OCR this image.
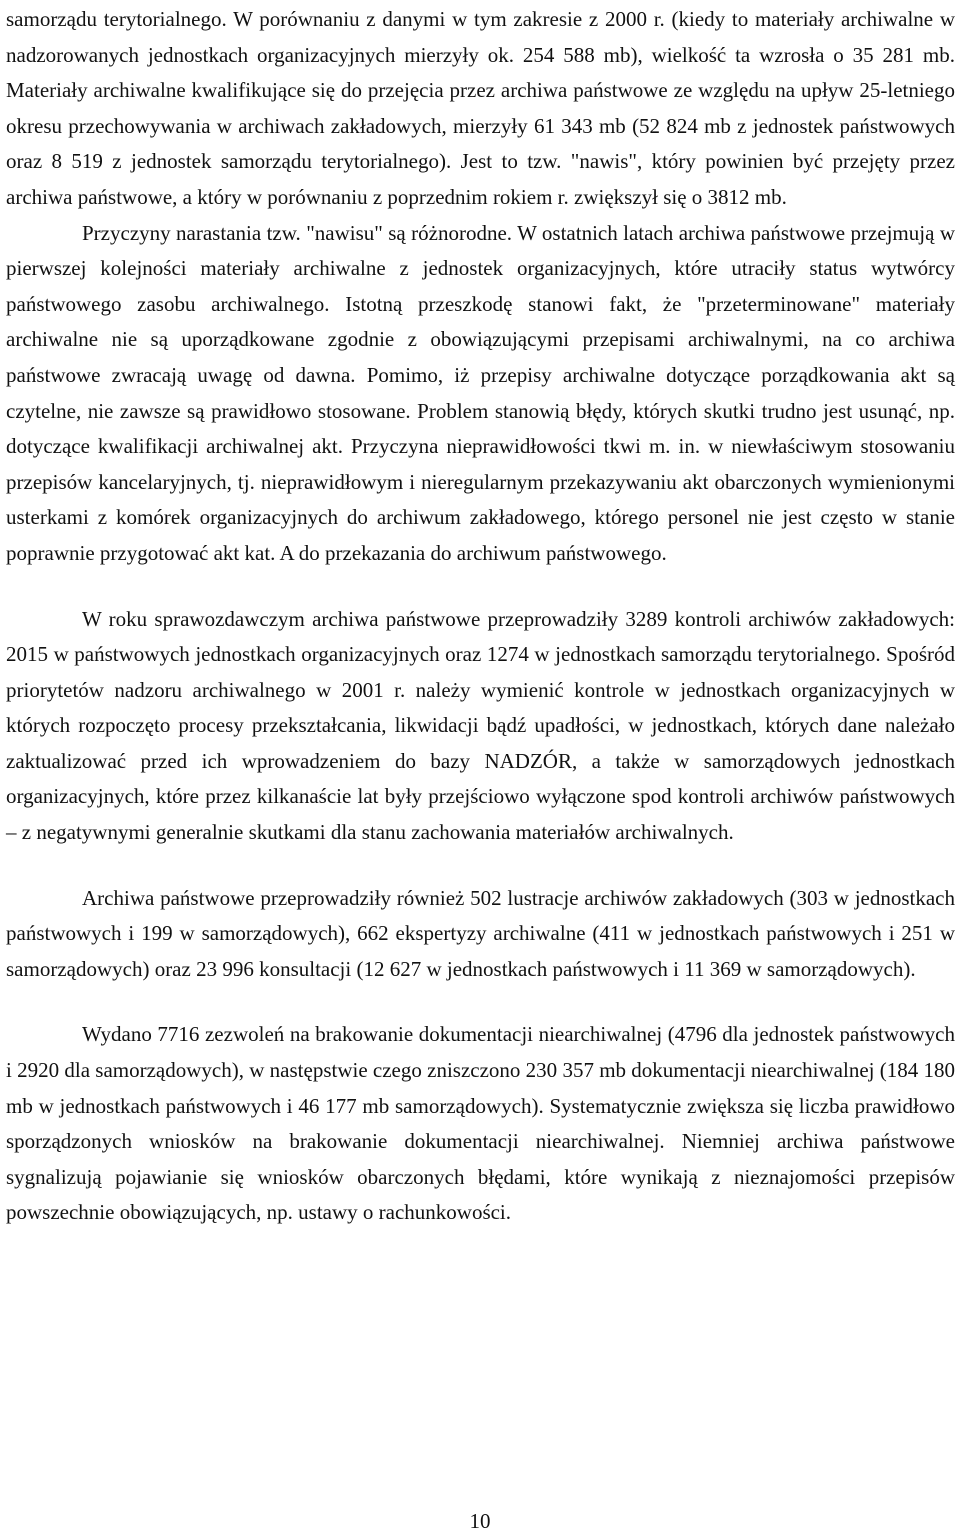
samorządu terytorialnego. W porównaniu z danymi w tym zakresie z 2000 r. (kiedy to materiały archiwalne w nadzorowanych jednostkach organizacyjnych mierzyły ok. 254 588 mb), wielkość ta wzrosła o 35 281 mb. Materiały archiwalne kwalifikujące się do przejęcia przez archiwa państwowe ze względu na upływ 25-letniego okresu przechowywania w archiwach zakładowych, mierzyły 61 343 mb (52 824 mb z jednostek państwowych oraz 8 519 z jednostek samorządu terytorialnego). Jest to tzw. "nawis", który powinien być przejęty przez archiwa państwowe, a który w porównaniu z poprzednim rokiem r. zwiększył się o 3812 mb.

Przyczyny narastania tzw. "nawisu" są różnorodne. W ostatnich latach archiwa państwowe przejmują w pierwszej kolejności materiały archiwalne z jednostek organizacyjnych, które utraciły status wytwórcy państwowego zasobu archiwalnego. Istotną przeszkodę stanowi fakt, że "przeterminowane" materiały archiwalne nie są uporządkowane zgodnie z obowiązującymi przepisami archiwalnymi, na co archiwa państwowe zwracają uwagę od dawna. Pomimo, iż przepisy archiwalne dotyczące porządkowania akt są czytelne, nie zawsze są prawidłowo stosowane. Problem stanowią błędy, których skutki trudno jest usunąć, np. dotyczące kwalifikacji archiwalnej akt. Przyczyna nieprawidłowości tkwi m. in. w niewłaściwym stosowaniu przepisów kancelaryjnych, tj. nieprawidłowym i nieregularnym przekazywaniu akt obarczonych wymienionymi usterkami z komórek organizacyjnych do archiwum zakładowego, którego personel nie jest często w stanie poprawnie przygotować akt kat. A do przekazania do archiwum państwowego.

W roku sprawozdawczym archiwa państwowe przeprowadziły 3289 kontroli archiwów zakładowych: 2015 w państwowych jednostkach organizacyjnych oraz 1274 w jednostkach samorządu terytorialnego. Spośród priorytetów nadzoru archiwalnego w 2001 r. należy wymienić kontrole w jednostkach organizacyjnych w których rozpoczęto procesy przekształcania, likwidacji bądź upadłości, w jednostkach, których dane należało zaktualizować przed ich wprowadzeniem do bazy NADZÓR, a także w samorządowych jednostkach organizacyjnych, które przez kilkanaście lat były przejściowo wyłączone spod kontroli archiwów państwowych – z negatywnymi generalnie skutkami dla stanu zachowania materiałów archiwalnych.

Archiwa państwowe przeprowadziły również 502 lustracje archiwów zakładowych (303 w jednostkach państwowych i 199 w samorządowych), 662 ekspertyzy archiwalne (411 w jednostkach państwowych i 251 w samorządowych) oraz 23 996 konsultacji (12 627 w jednostkach państwowych i 11 369 w samorządowych).

Wydano 7716 zezwoleń na brakowanie dokumentacji niearchiwalnej (4796 dla jednostek państwowych i 2920 dla samorządowych), w następstwie czego zniszczono 230 357 mb dokumentacji niearchiwalnej (184 180 mb w jednostkach państwowych i 46 177 mb samorządowych). Systematycznie zwiększa się liczba prawidłowo sporządzonych wniosków na brakowanie dokumentacji niearchiwalnej. Niemniej archiwa państwowe sygnalizują pojawianie się wniosków obarczonych błędami, które wynikają z nieznajomości przepisów powszechnie obowiązujących, np. ustawy o rachunkowości.

10
